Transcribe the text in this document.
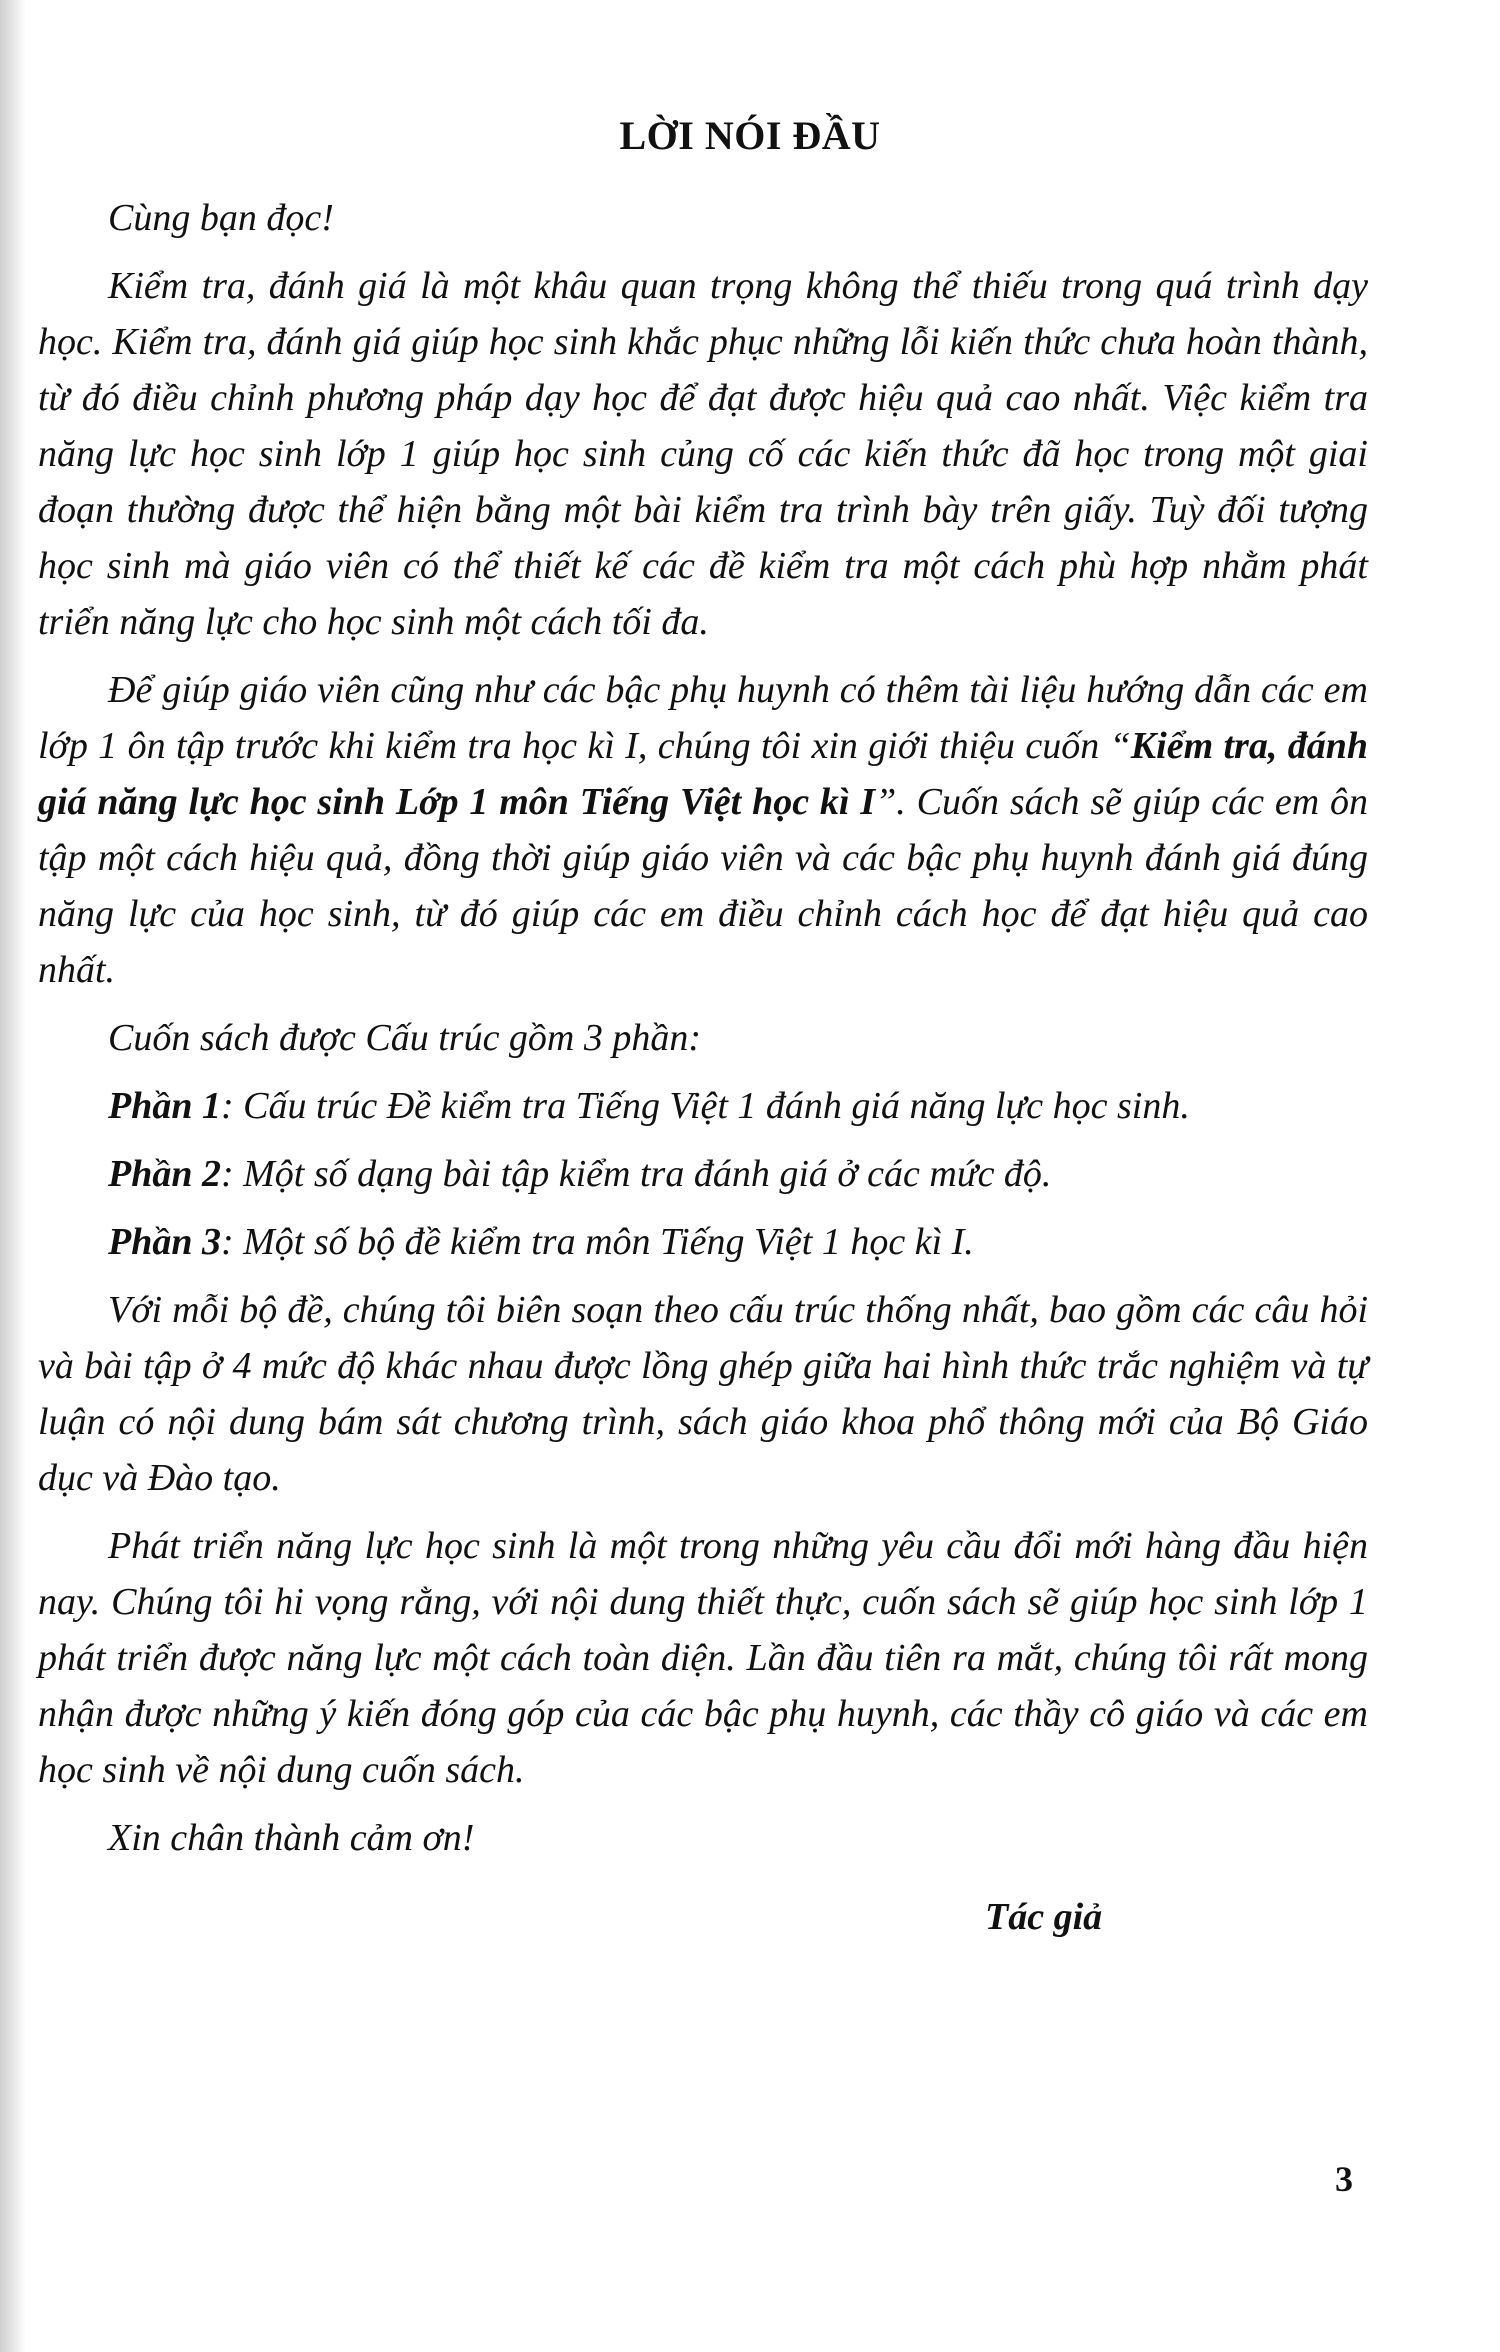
LỜI NÓI ĐẦU

Cùng bạn đọc!

Kiểm tra, đánh giá là một khâu quan trọng không thể thiếu trong quá trình dạy học. Kiểm tra, đánh giá giúp học sinh khắc phục những lỗi kiến thức chưa hoàn thành, từ đó điều chỉnh phương pháp dạy học để đạt được hiệu quả cao nhất. Việc kiểm tra năng lực học sinh lớp 1 giúp học sinh củng cố các kiến thức đã học trong một giai đoạn thường được thể hiện bằng một bài kiểm tra trình bày trên giấy. Tuỳ đối tượng học sinh mà giáo viên có thể thiết kế các đề kiểm tra một cách phù hợp nhằm phát triển năng lực cho học sinh một cách tối đa.

Để giúp giáo viên cũng như các bậc phụ huynh có thêm tài liệu hướng dẫn các em lớp 1 ôn tập trước khi kiểm tra học kì I, chúng tôi xin giới thiệu cuốn “Kiểm tra, đánh giá năng lực học sinh Lớp 1 môn Tiếng Việt học kì I”. Cuốn sách sẽ giúp các em ôn tập một cách hiệu quả, đồng thời giúp giáo viên và các bậc phụ huynh đánh giá đúng năng lực của học sinh, từ đó giúp các em điều chỉnh cách học để đạt hiệu quả cao nhất.

Cuốn sách được Cấu trúc gồm 3 phần:

Phần 1: Cấu trúc Đề kiểm tra Tiếng Việt 1 đánh giá năng lực học sinh.

Phần 2: Một số dạng bài tập kiểm tra đánh giá ở các mức độ.

Phần 3: Một số bộ đề kiểm tra môn Tiếng Việt 1 học kì I.

Với mỗi bộ đề, chúng tôi biên soạn theo cấu trúc thống nhất, bao gồm các câu hỏi và bài tập ở 4 mức độ khác nhau được lồng ghép giữa hai hình thức trắc nghiệm và tự luận có nội dung bám sát chương trình, sách giáo khoa phổ thông mới của Bộ Giáo dục và Đào tạo.

Phát triển năng lực học sinh là một trong những yêu cầu đổi mới hàng đầu hiện nay. Chúng tôi hi vọng rằng, với nội dung thiết thực, cuốn sách sẽ giúp học sinh lớp 1 phát triển được năng lực một cách toàn diện. Lần đầu tiên ra mắt, chúng tôi rất mong nhận được những ý kiến đóng góp của các bậc phụ huynh, các thầy cô giáo và các em học sinh về nội dung cuốn sách.

Xin chân thành cảm ơn!

Tác giả
3
